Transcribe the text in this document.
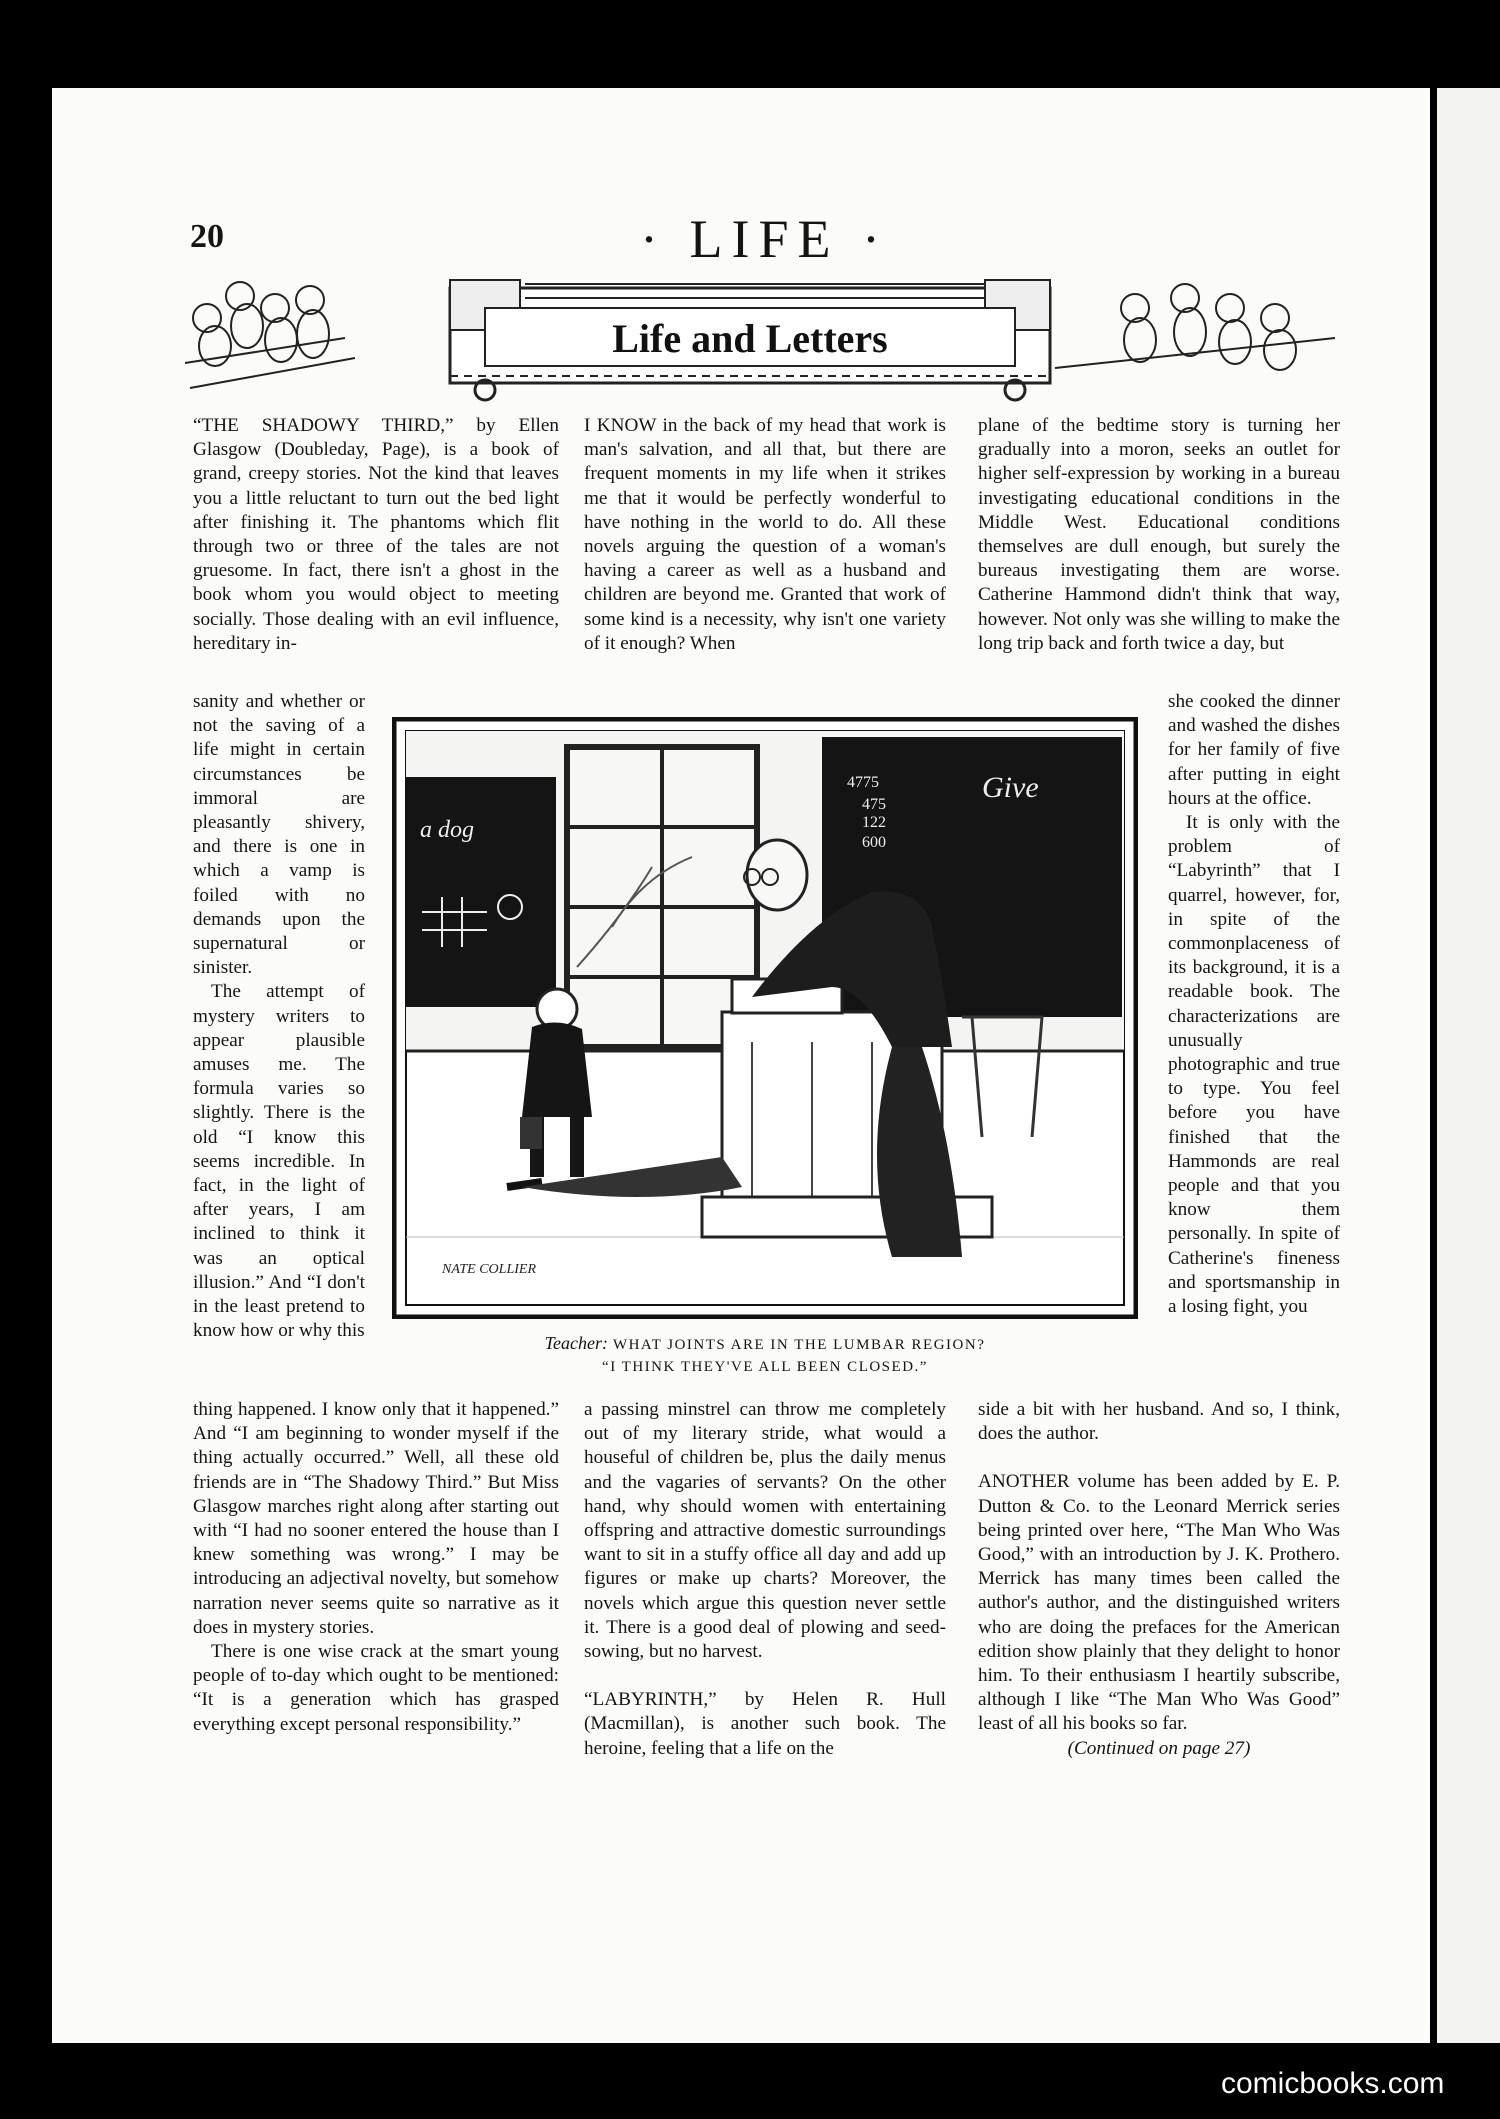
20	· LIFE ·
Life and Letters

“THE SHADOWY THIRD,” by Ellen Glasgow (Doubleday, Page), is a book of grand, creepy stories. Not the kind that leaves you a little reluctant to turn out the bed light after finishing it. The phantoms which flit through two or three of the tales are not gruesome. In fact, there isn't a ghost in the book whom you would object to meeting socially. Those dealing with an evil influence, hereditary in-

sanity and whether or not the saving of a life might in certain circumstances be immoral are pleasantly shivery, and there is one in which a vamp is foiled with no demands upon the supernatural or sinister.

The attempt of mystery writers to appear plausible amuses me. The formula varies so slightly. There is the old “I know this seems incredible. In fact, in the light of after years, I am inclined to think it was an optical illusion.” And “I don't in the least pretend to know how or why this

thing happened. I know only that it happened.” And “I am beginning to wonder myself if the thing actually occurred.” Well, all these old friends are in “The Shadowy Third.” But Miss Glasgow marches right along after starting out with “I had no sooner entered the house than I knew something was wrong.” I may be introducing an adjectival novelty, but somehow narration never seems quite so narrative as it does in mystery stories.

There is one wise crack at the smart young people of to-day which ought to be mentioned: “It is a generation which has grasped everything except personal responsibility.”

I KNOW in the back of my head that work is man's salvation, and all that, but there are frequent moments in my life when it strikes me that it would be perfectly wonderful to have nothing in the world to do. All these novels arguing the question of a woman's having a career as well as a husband and children are beyond me. Granted that work of some kind is a necessity, why isn't one variety of it enough? When

a passing minstrel can throw me completely out of my literary stride, what would a houseful of children be, plus the daily menus and the vagaries of servants? On the other hand, why should women with entertaining offspring and attractive domestic surroundings want to sit in a stuffy office all day and add up figures or make up charts? Moreover, the novels which argue this question never settle it. There is a good deal of plowing and seed-sowing, but no harvest.

“LABYRINTH,” by Helen R. Hull (Macmillan), is another such book. The heroine, feeling that a life on the

plane of the bedtime story is turning her gradually into a moron, seeks an outlet for higher self-expression by working in a bureau investigating educational conditions in the Middle West. Educational conditions themselves are dull enough, but surely the bureaus investigating them are worse. Catherine Hammond didn't think that way, however. Not only was she willing to make the long trip back and forth twice a day, but

she cooked the dinner and washed the dishes for her family of five after putting in eight hours at the office.

It is only with the problem of “Labyrinth” that I quarrel, however, for, in spite of the commonplaceness of its background, it is a readable book. The characterizations are unusually photographic and true to type. You feel before you have finished that the Hammonds are real people and that you know them personally. In spite of Catherine's fineness and sportsmanship in a losing fight, you

side a bit with her husband. And so, I think, does the author.

ANOTHER volume has been added by E. P. Dutton & Co. to the Leonard Merrick series being printed over here, “The Man Who Was Good,” with an introduction by J. K. Prothero. Merrick has many times been called the author's author, and the distinguished writers who are doing the prefaces for the American edition show plainly that they delight to honor him. To their enthusiasm I heartily subscribe, although I like “The Man Who Was Good” least of all his books so far.

(Continued on page 27)

a dog
4775
475
122
600
Give
NATE COLLIER
Teacher: WHAT JOINTS ARE IN THE LUMBAR REGION?
“I THINK THEY'VE ALL BEEN CLOSED.”
comicbooks.com
